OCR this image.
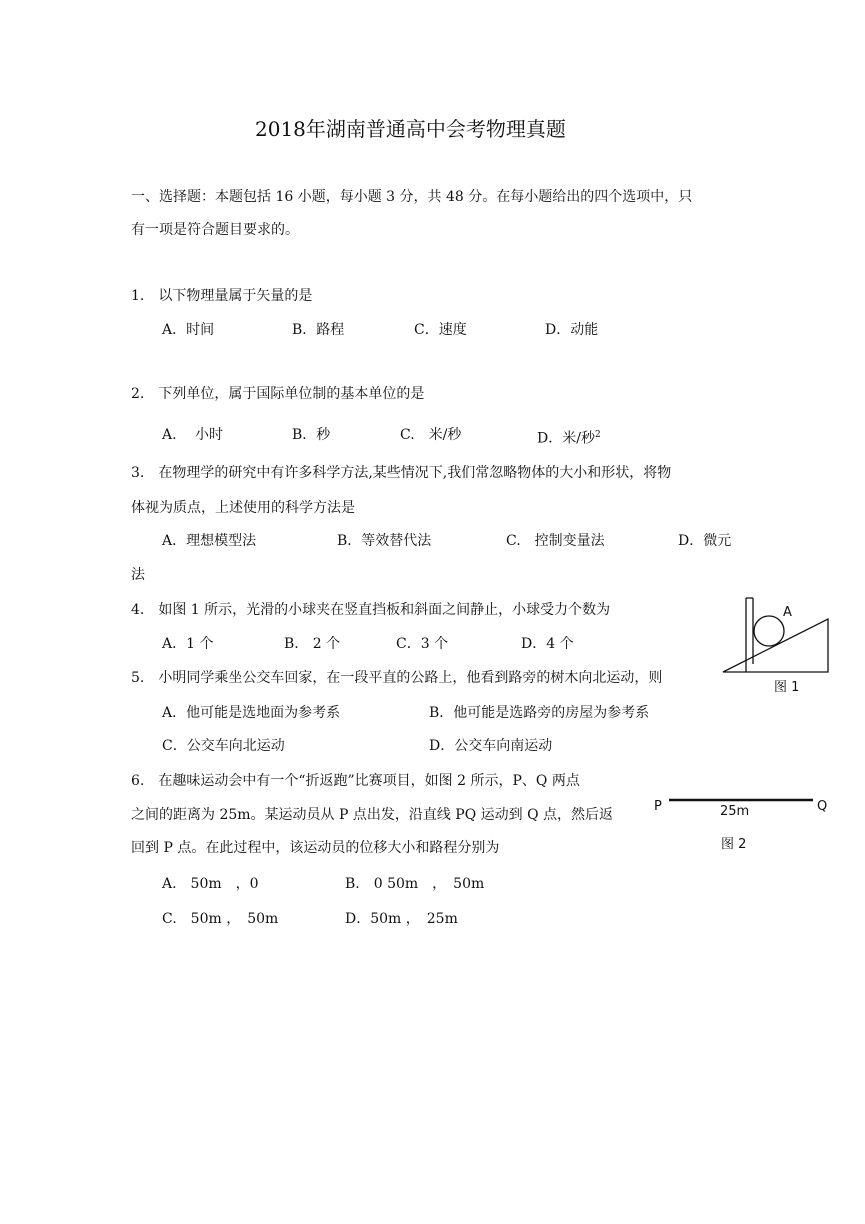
2018年湖南普通高中会考物理真题
一、选择题：本题包括 16 小题，每小题 3 分，共 48 分。在每小题给出的四个选项中，只
有一项是符合题目要求的。
1.　以下物理量属于矢量的是
A．时间	B．路程	C．速度	D．动能
2.　下列单位，属于国际单位制的基本单位的是
A.　 小时	B．秒	C.　米/秒	D．米/秒$^2$
3.　在物理学的研究中有许多科学方法,某些情况下,我们常忽略物体的大小和形状，将物
体视为质点，上述使用的科学方法是
A．理想模型法	B．等效替代法	C.　控制变量法	D．微元
法
4.　如图 1 所示，光滑的小球夹在竖直挡板和斜面之间静止，小球受力个数为
A．1 个	B.　2 个	C．3 个	D．4 个
A
图 1
5.　小明同学乘坐公交车回家，在一段平直的公路上，他看到路旁的树木向北运动，则
A．他可能是选地面为参考系	B．他可能是选路旁的房屋为参考系
C．公交车向北运动	D．公交车向南运动
6.　在趣味运动会中有一个“折返跑”比赛项目，如图 2 所示，P、Q 两点
之间的距离为 25m。某运动员从 P 点出发，沿直线 PQ 运动到 Q 点，然后返
回到 P 点。在此过程中，该运动员的位移大小和路程分别为
A.　50m　，0	B.　0 50m　，　50m
C.　50m ，　50m	D．50m ，　25m
P	Q
25m
图 2
